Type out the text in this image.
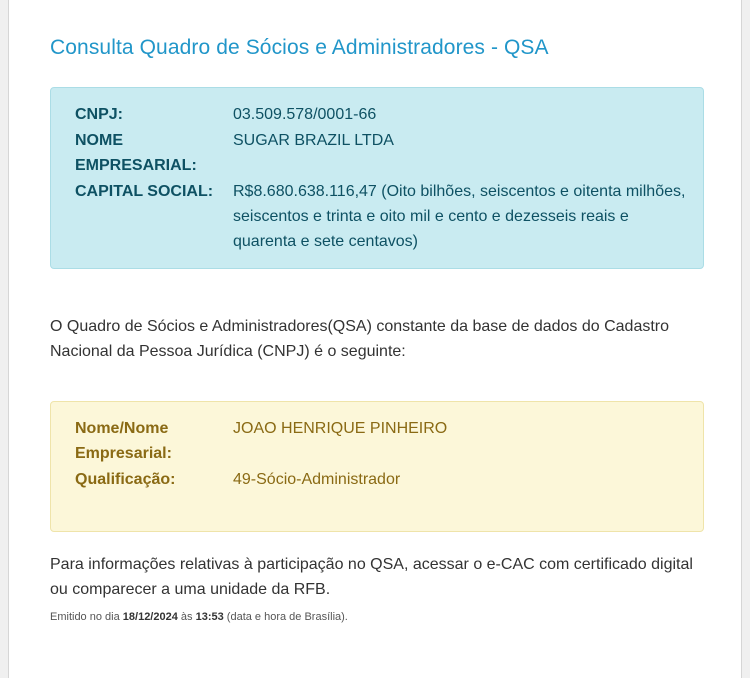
Consulta Quadro de Sócios e Administradores - QSA
CNPJ:	03.509.578/0001-66
NOME EMPRESARIAL:
SUGAR BRAZIL LTDA
CAPITAL SOCIAL:	R$8.680.638.116,47 (Oito bilhões, seiscentos e oitenta milhões, seiscentos e trinta e oito mil e cento e dezesseis reais e quarenta e sete centavos)

O Quadro de Sócios e Administradores(QSA) constante da base de dados do Cadastro Nacional da Pessoa Jurídica (CNPJ) é o seguinte:

Nome/Nome Empresarial:
JOAO HENRIQUE PINHEIRO
Qualificação:	49-Sócio-Administrador

Para informações relativas à participação no QSA, acessar o e-CAC com certificado digital ou comparecer a uma unidade da RFB.

Emitido no dia 18/12/2024 às 13:53 (data e hora de Brasília).
